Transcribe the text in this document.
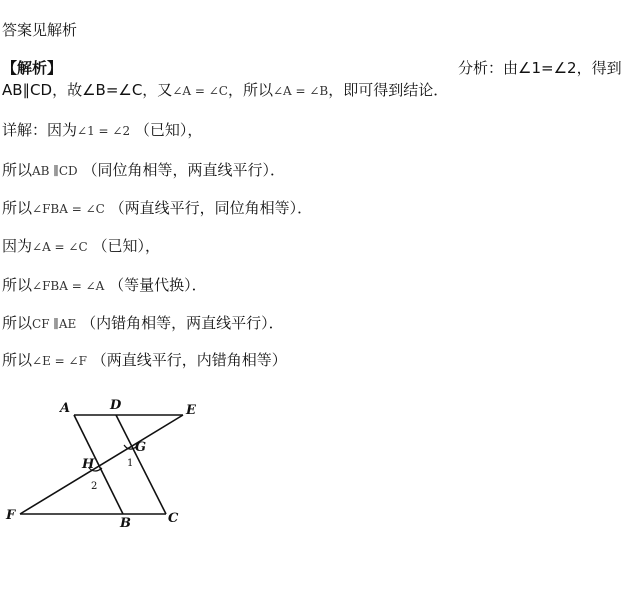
答案见解析
【解析】	分析：由∠1=∠2，得到
AB∥CD，故∠B=∠C，又∠A = ∠C，所以∠A = ∠B，即可得到结论．
详解：因为∠1 = ∠2 （已知），
所以AB ∥CD （同位角相等，两直线平行）．
所以∠FBA = ∠C （两直线平行，同位角相等）．
因为∠A = ∠C （已知），
所以∠FBA = ∠A （等量代换）．
所以CF ∥AE （内错角相等，两直线平行）．
所以∠E = ∠F （两直线平行，内错角相等）
A	D	E
G
H
F
B	C
1
2
